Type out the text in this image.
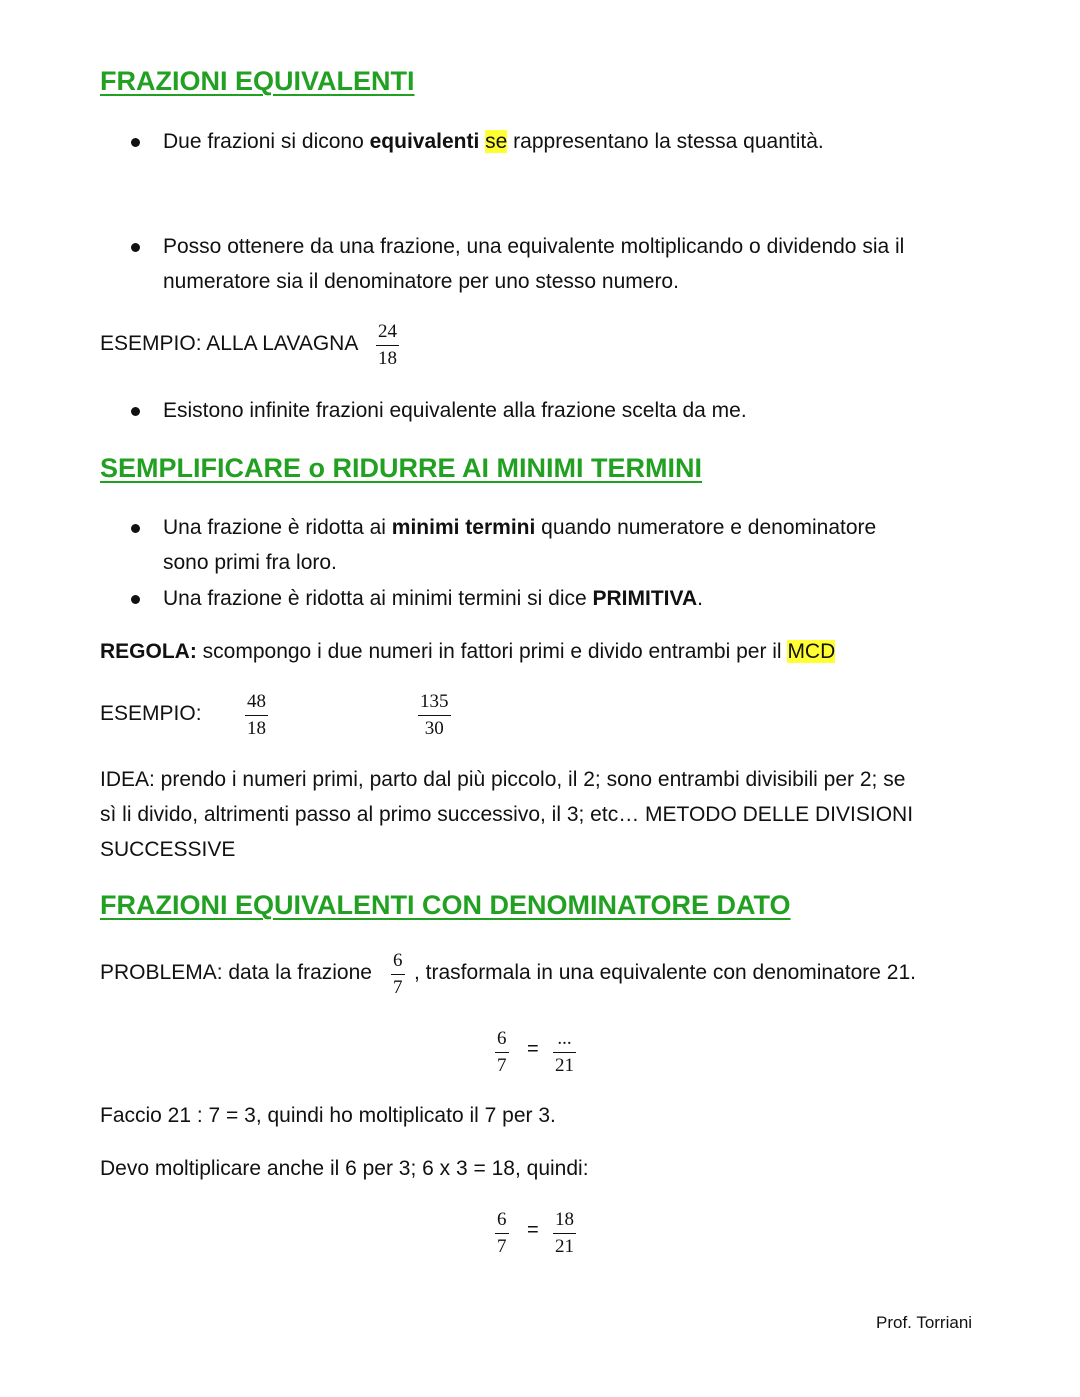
FRAZIONI EQUIVALENTI
Due frazioni si dicono equivalenti se rappresentano la stessa quantità.
Posso ottenere da una frazione, una equivalente moltiplicando o dividendo sia il
numeratore sia il denominatore per uno stesso numero.
ESEMPIO: ALLA LAVAGNA
24
18
Esistono infinite frazioni equivalente alla frazione scelta da me.
SEMPLIFICARE o RIDURRE AI MINIMI TERMINI
Una frazione è ridotta ai minimi termini quando numeratore e denominatore
sono primi fra loro.
Una frazione è ridotta ai minimi termini si dice PRIMITIVA.
REGOLA: scompongo i due numeri in fattori primi e divido entrambi per il MCD
ESEMPIO:
48
18
135
30
IDEA: prendo i numeri primi, parto dal più piccolo, il 2; sono entrambi divisibili per 2; se
sì li divido, altrimenti passo al primo successivo, il 3; etc… METODO DELLE DIVISIONI
SUCCESSIVE
FRAZIONI EQUIVALENTI CON DENOMINATORE DATO
PROBLEMA: data la frazione
6
7
, trasformala in una equivalente con denominatore 21.
6
7
= ...
21
Faccio 21 : 7 = 3, quindi ho moltiplicato il 7 per 3.
Devo moltiplicare anche il 6 per 3; 6 x 3 = 18, quindi:
6
7
= 18
21
Prof. Torriani
